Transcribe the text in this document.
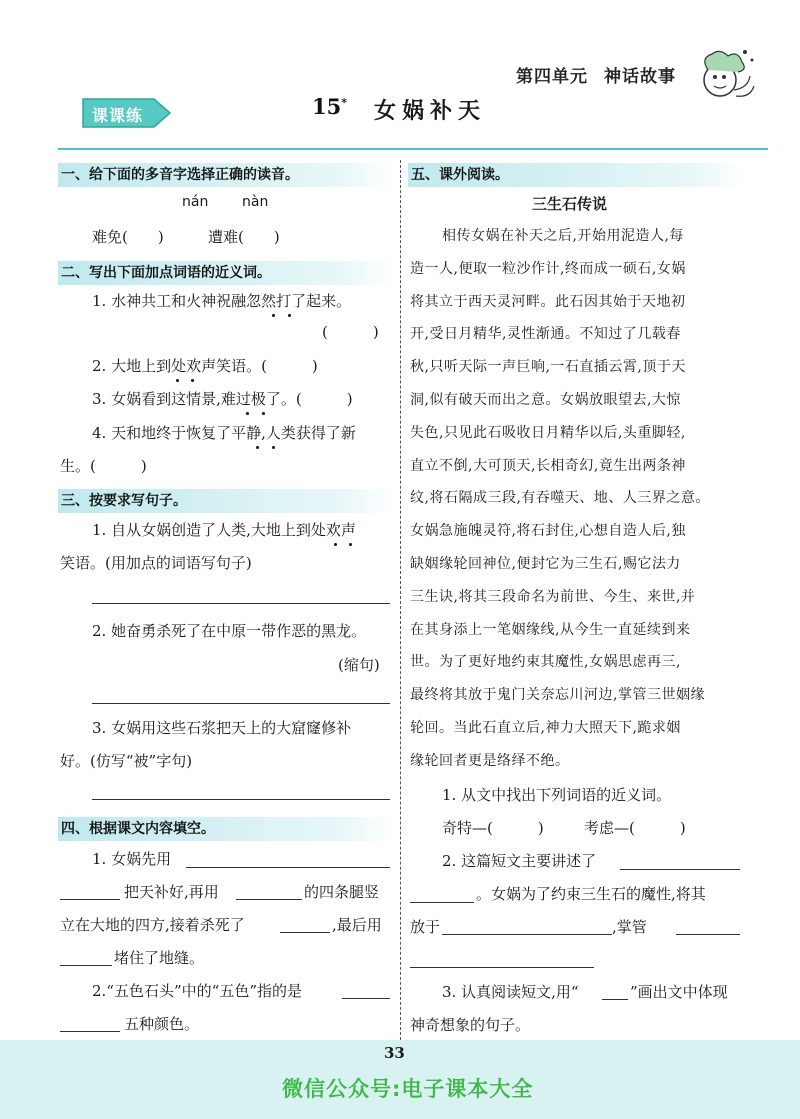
第四单元 神话故事
课课练	15* 女娲补天
一、给下面的多音字选择正确的读音。
nán nàn
难免(　　)	遭难(　　)
二、写出下面加点词语的近义词。
1. 水神共工和火神祝融忽然打了起来。
(　　　)
2. 大地上到处欢声笑语。(　　　)
3. 女娲看到这情景,难过极了。(　　　)
4. 天和地终于恢复了平静,人类获得了新
生。(　　　)
三、按要求写句子。
1. 自从女娲创造了人类,大地上到处欢声
笑语。(用加点的词语写句子)
2. 她奋勇杀死了在中原一带作恶的黑龙。
(缩句)
3. 女娲用这些石浆把天上的大窟窿修补
好。(仿写“被”字句)
四、根据课文内容填空。
1. 女娲先用
把天补好,再用	的四条腿竖
立在大地的四方,接着杀死了	,最后用
堵住了地缝。
2.“五色石头”中的“五色”指的是
五种颜色。
五、课外阅读。
三生石传说
相传女娲在补天之后,开始用泥造人,每
造一人,便取一粒沙作计,终而成一硕石,女娲
将其立于西天灵河畔。此石因其始于天地初
开,受日月精华,灵性渐通。不知过了几载春
秋,只听天际一声巨响,一石直插云霄,顶于天
洞,似有破天而出之意。女娲放眼望去,大惊
失色,只见此石吸收日月精华以后,头重脚轻,
直立不倒,大可顶天,长相奇幻,竟生出两条神
纹,将石隔成三段,有吞噬天、地、人三界之意。
女娲急施魄灵符,将石封住,心想自造人后,独
缺姻缘轮回神位,便封它为三生石,赐它法力
三生诀,将其三段命名为前世、今生、来世,并
在其身添上一笔姻缘线,从今生一直延续到来
世。为了更好地约束其魔性,女娲思虑再三,
最终将其放于鬼门关奈忘川河边,掌管三世姻缘
轮回。当此石直立后,神力大照天下,跪求姻
缘轮回者更是络绎不绝。
1. 从文中找出下列词语的近义词。
奇特—(　　　)	考虑—(　　　)
2. 这篇短文主要讲述了
。女娲为了约束三生石的魔性,将其
放于	,掌管
3. 认真阅读短文,用“	”画出文中体现
神奇想象的句子。
33
微信公众号:电子课本大全
